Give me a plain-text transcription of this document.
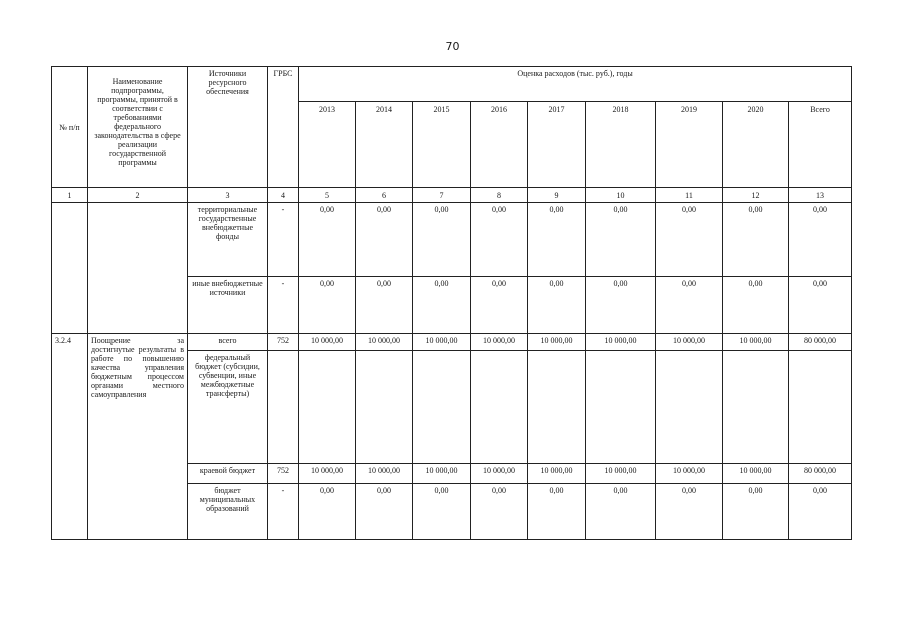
70
№ п/п	Наименование подпрограммы, программы, принятой в соответствии с требованиями федерального законодательства в сфере реализации государственной программы	Источники ресурсного обеспечения	ГРБС	Оценка расходов (тыс. руб.), годы								
				2013	2014	2015	2016	2017	2018	2019	2020	Всего
1	2	3	4	5	6	7	8	9	10	11	12	13
		территориальные государственные внебюджетные фонды	-	0,00	0,00	0,00	0,00	0,00	0,00	0,00	0,00	0,00
		иные внебюджетные источники	-	0,00	0,00	0,00	0,00	0,00	0,00	0,00	0,00	0,00
3.2.4	Поощрение за достигнутые результаты в работе по повышению качества управления бюджетным процессом органами местного самоуправления	всего	752	10 000,00	10 000,00	10 000,00	10 000,00	10 000,00	10 000,00	10 000,00	10 000,00	80 000,00
		федеральный бюджет (субсидии, субвенции, иные межбюджетные трансферты)										
		краевой бюджет	752	10 000,00	10 000,00	10 000,00	10 000,00	10 000,00	10 000,00	10 000,00	10 000,00	80 000,00
		бюджет муниципальных образований	-	0,00	0,00	0,00	0,00	0,00	0,00	0,00	0,00	0,00
